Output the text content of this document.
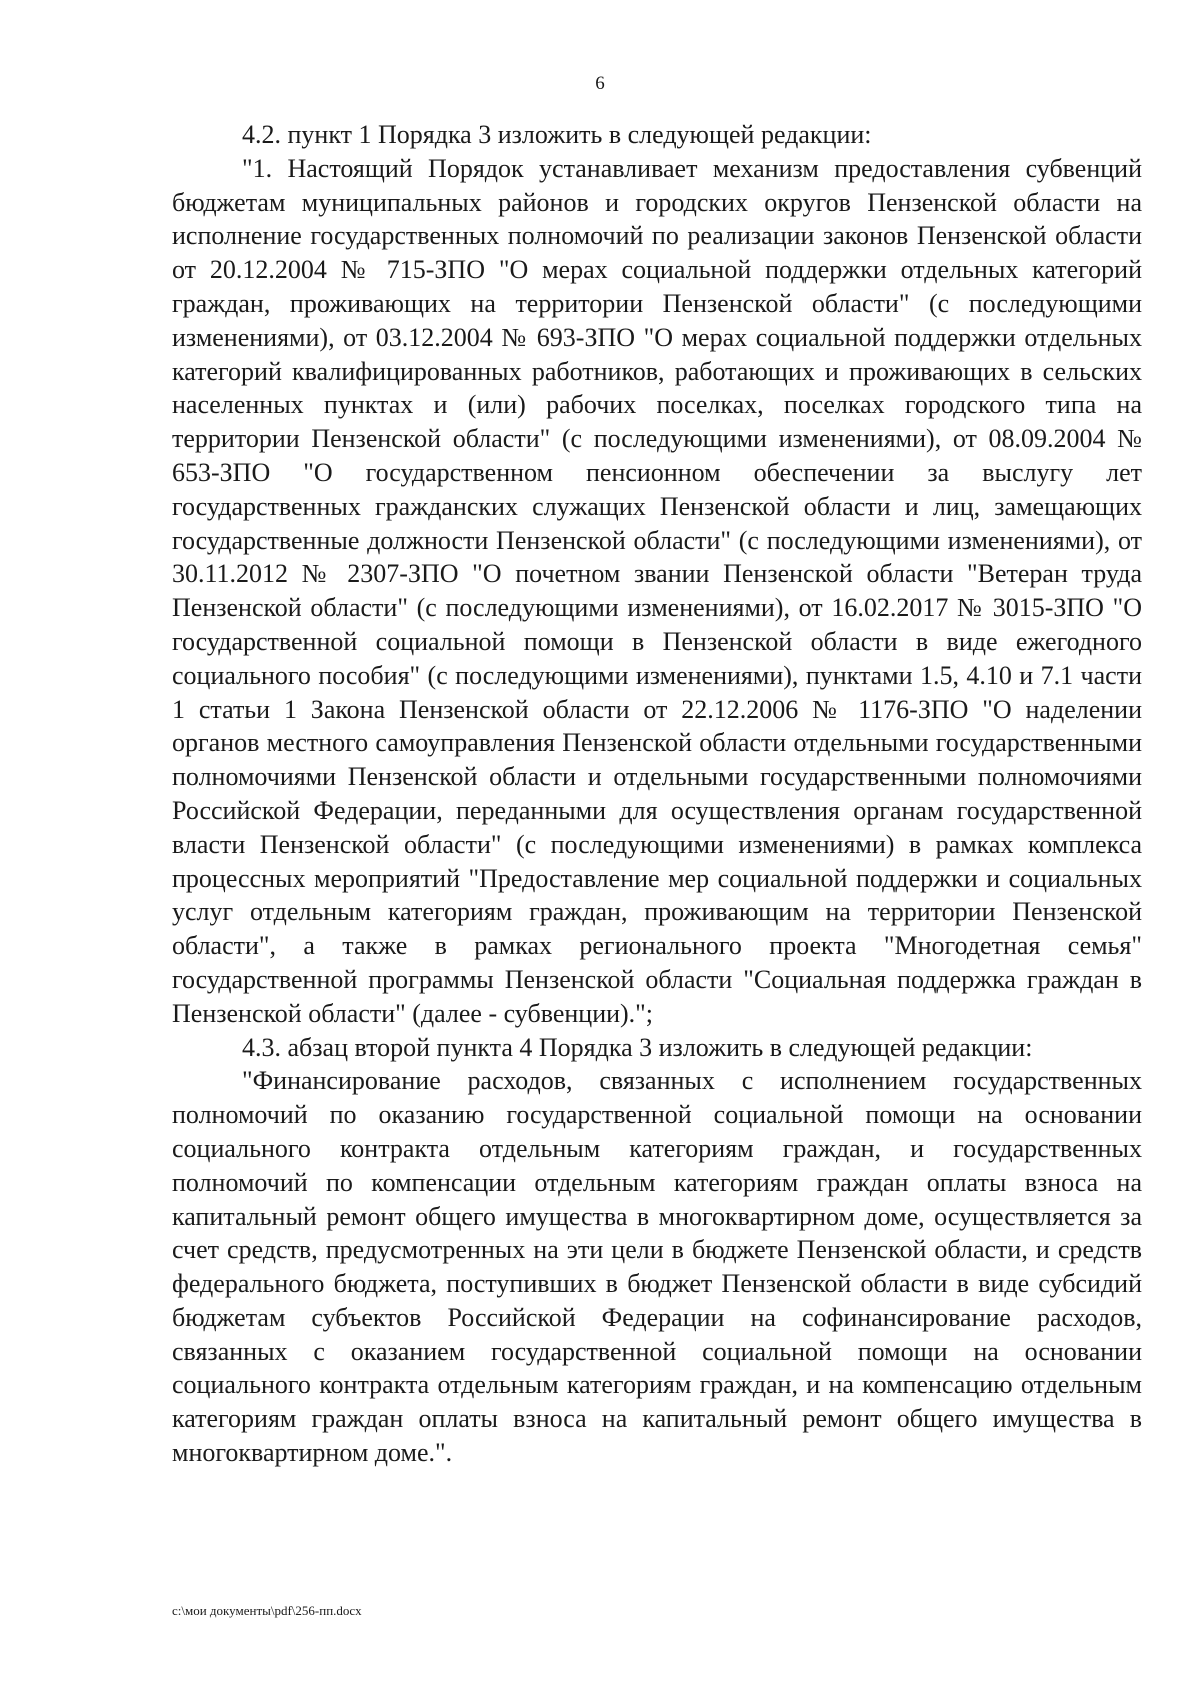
6

4.2. пункт 1 Порядка 3 изложить в следующей редакции:

"1. Настоящий Порядок устанавливает механизм предоставления субвенций бюджетам муниципальных районов и городских округов Пензенской области на исполнение государственных полномочий по реализации законов Пензенской области от 20.12.2004 № 715-ЗПО "О мерах социальной поддержки отдельных категорий граждан, проживающих на территории Пензенской области" (с последующими изменениями), от 03.12.2004 № 693-ЗПО "О мерах социальной поддержки отдельных категорий квалифицированных работников, работающих и проживающих в сельских населенных пунктах и (или) рабочих поселках, поселках городского типа на территории Пензенской области" (с последующими изменениями), от 08.09.2004 № 653-ЗПО "О государственном пенсионном обеспечении за выслугу лет государственных гражданских служащих Пензенской области и лиц, замещающих государственные должности Пензенской области" (с последующими изменениями), от 30.11.2012 № 2307-ЗПО "О почетном звании Пензенской области "Ветеран труда Пензенской области" (с последующими изменениями), от 16.02.2017 № 3015-ЗПО "О государственной социальной помощи в Пензенской области в виде ежегодного социального пособия" (с последующими изменениями), пунктами 1.5, 4.10 и 7.1 части 1 статьи 1 Закона Пензенской области от 22.12.2006 № 1176-ЗПО "О наделении органов местного самоуправления Пензенской области отдельными государственными полномочиями Пензенской области и отдельными государственными полномочиями Российской Федерации, переданными для осуществления органам государственной власти Пензенской области" (с последующими изменениями) в рамках комплекса процессных мероприятий "Предоставление мер социальной поддержки и социальных услуг отдельным категориям граждан, проживающим на территории Пензенской области", а также в рамках регионального проекта "Многодетная семья" государственной программы Пензенской области "Социальная поддержка граждан в Пензенской области" (далее - субвенции).";

4.3. абзац второй пункта 4 Порядка 3 изложить в следующей редакции:

"Финансирование расходов, связанных с исполнением государственных полномочий по оказанию государственной социальной помощи на основании социального контракта отдельным категориям граждан, и государственных полномочий по компенсации отдельным категориям граждан оплаты взноса на капитальный ремонт общего имущества в многоквартирном доме, осуществляется за счет средств, предусмотренных на эти цели в бюджете Пензенской области, и средств федерального бюджета, поступивших в бюджет Пензенской области в виде субсидий бюджетам субъектов Российской Федерации на софинансирование расходов, связанных с оказанием государственной социальной помощи на основании социального контракта отдельным категориям граждан, и на компенсацию отдельным категориям граждан оплаты взноса на капитальный ремонт общего имущества в многоквартирном доме.".

c:\мои документы\pdf\256-пп.docx
